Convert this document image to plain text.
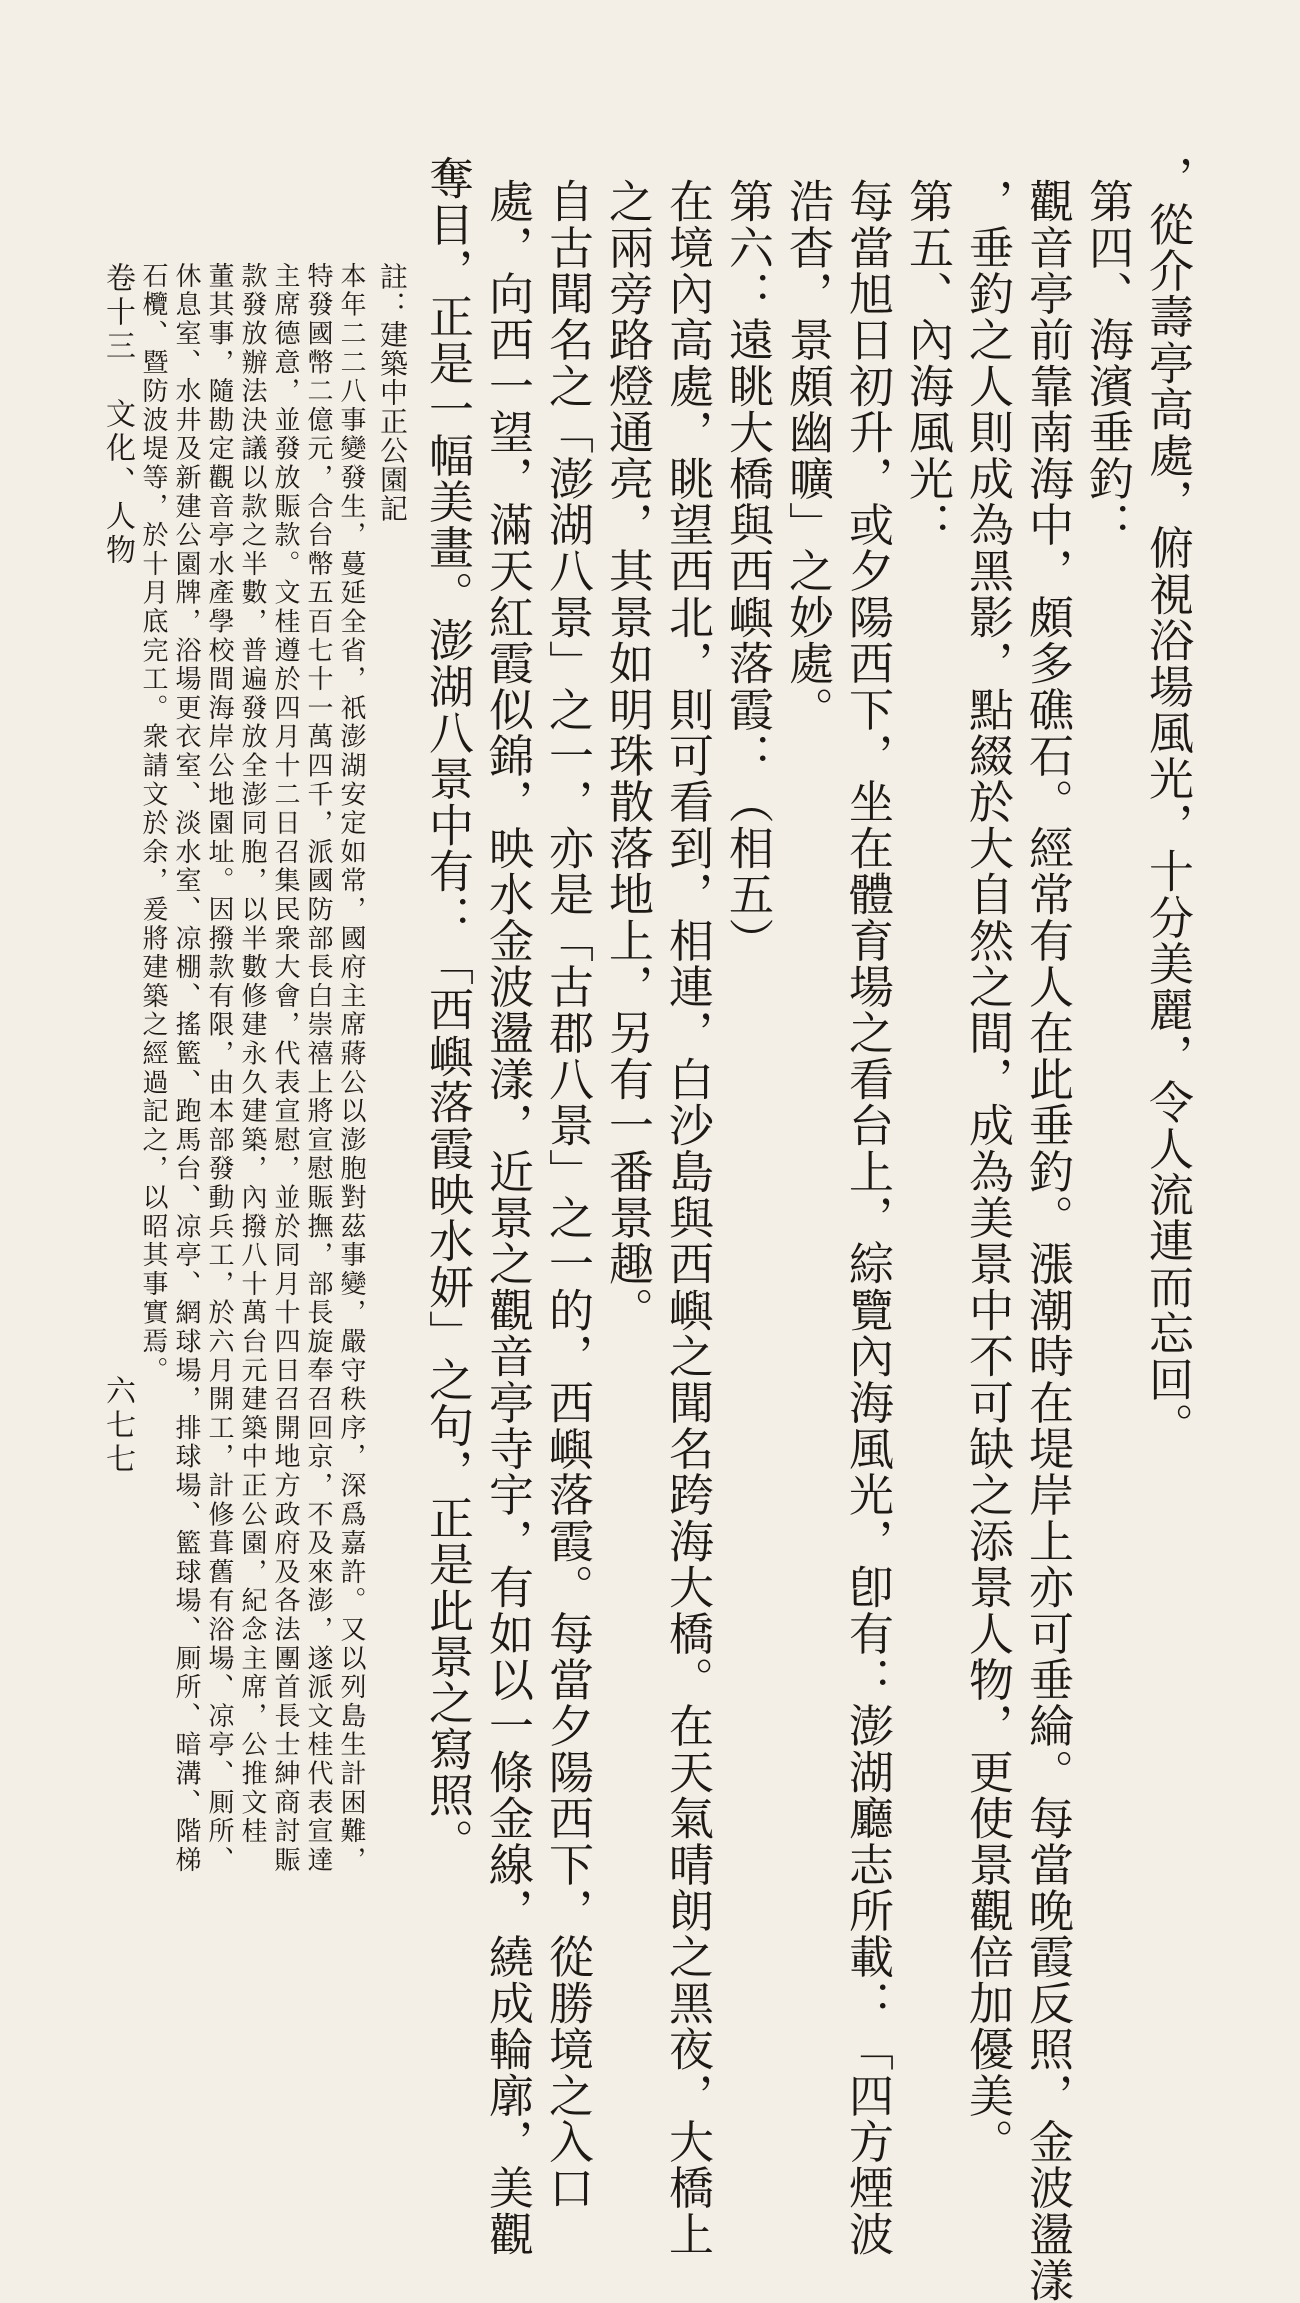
，從介壽亭高處，俯視浴場風光，十分美麗，令人流連而忘回。
第四、海濱垂釣：
觀音亭前靠南海中，頗多礁石。經常有人在此垂釣。漲潮時在堤岸上亦可垂綸。每當晚霞反照，金波盪漾
，垂釣之人則成為黑影，點綴於大自然之間，成為美景中不可缺之添景人物，更使景觀倍加優美。
第五、內海風光：
每當旭日初升，或夕陽西下，坐在體育場之看台上，綜覽內海風光，卽有：澎湖廳志所載：「四方煙波
浩杳，景頗幽曠」之妙處。
第六：遠眺大橋與西嶼落霞：（相五）
在境內高處，眺望西北，則可看到，相連，白沙島與西嶼之聞名跨海大橋。在天氣晴朗之黑夜，大橋上
之兩旁路燈通亮，其景如明珠散落地上，另有一番景趣。
自古聞名之「澎湖八景」之一，亦是「古郡八景」之一的，西嶼落霞。每當夕陽西下，從勝境之入口
處，向西一望，滿天紅霞似錦，映水金波盪漾，近景之觀音亭寺宇，有如以一條金線，繞成輪廓，美觀
奪目，正是一幅美畫。澎湖八景中有：「西嶼落霞映水妍」之句，正是此景之寫照。
註：建築中正公園記
本年二二八事變發生，蔓延全省，祇澎湖安定如常，國府主席蔣公以澎胞對茲事變，嚴守秩序，深爲嘉許。又以列島生計困難，
特發國幣二億元，合台幣五百七十一萬四千，派國防部長白崇禧上將宣慰賑撫，部長旋奉召回京，不及來澎，遂派文桂代表宣達
主席德意，並發放賑款。文桂遵於四月十二日召集民衆大會，代表宣慰，並於同月十四日召開地方政府及各法團首長士紳商討賑
款發放辦法決議以款之半數，普遍發放全澎同胞，以半數修建永久建築，內撥八十萬台元建築中正公園，紀念主席，公推文桂
董其事，隨勘定觀音亭水產學校間海岸公地園址。因撥款有限，由本部發動兵工，於六月開工，計修葺舊有浴場、凉亭、厠所、
休息室、水井及新建公園牌，浴場更衣室、淡水室、凉棚、搖籃、跑馬台、凉亭、網球場，排球場、籃球場、厠所、暗溝、階梯
石欖、暨防波堤等，於十月底完工。衆請文於余，爰將建築之經過記之，以昭其事實焉。
卷十三　文化、人物
六七七
